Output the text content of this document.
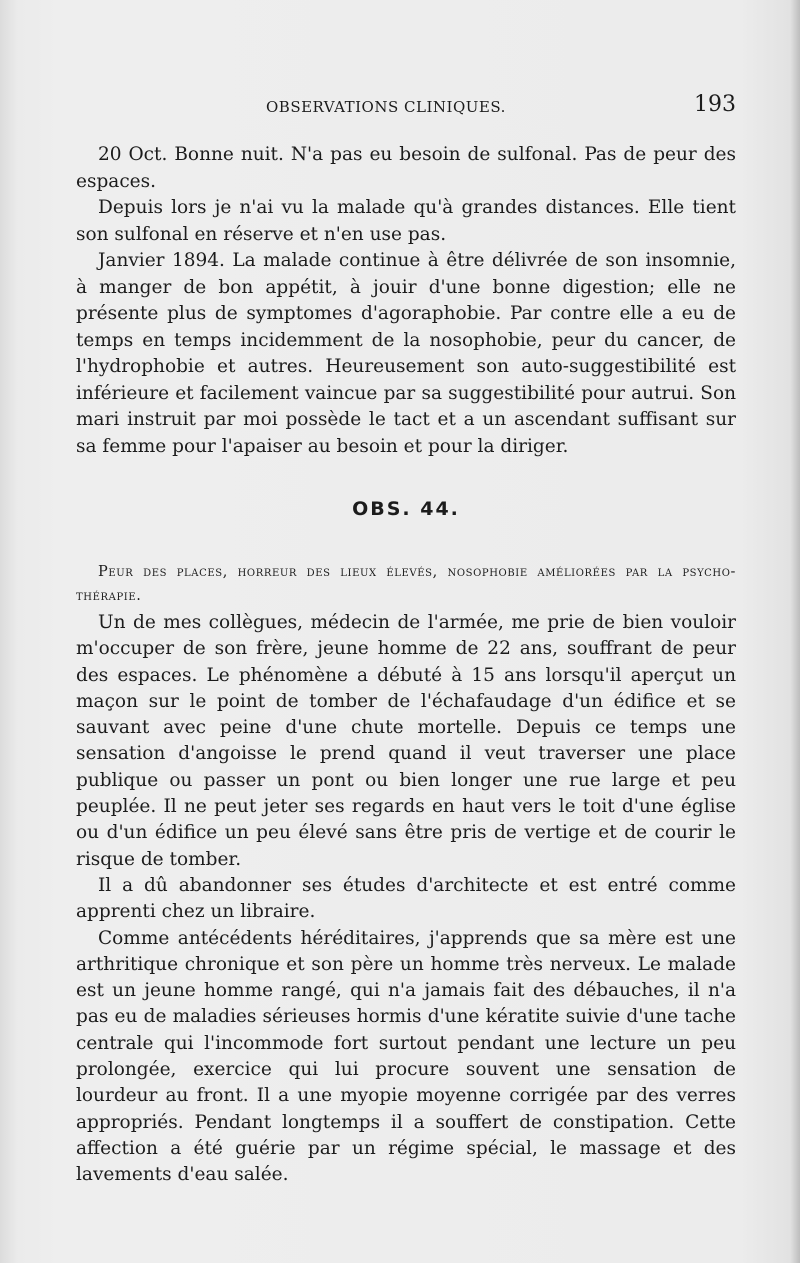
OBSERVATIONS CLINIQUES.	193

20 Oct. Bonne nuit. N'a pas eu besoin de sulfonal. Pas de peur des espaces.

Depuis lors je n'ai vu la malade qu'à grandes distances. Elle tient son sulfonal en réserve et n'en use pas.

Janvier 1894. La malade continue à être délivrée de son insomnie, à manger de bon appétit, à jouir d'une bonne digestion; elle ne présente plus de symptomes d'agoraphobie. Par contre elle a eu de temps en temps incidemment de la nosophobie, peur du cancer, de l'hydrophobie et autres. Heureusement son auto-suggestibilité est inférieure et facilement vaincue par sa suggestibilité pour autrui. Son mari instruit par moi possède le tact et a un ascendant suffisant sur sa femme pour l'apaiser au besoin et pour la diriger.

OBS. 44.
Peur des places, horreur des lieux élevés, nosophobie améliorées par la psycho-thérapie.

Un de mes collègues, médecin de l'armée, me prie de bien vouloir m'occuper de son frère, jeune homme de 22 ans, souffrant de peur des espaces. Le phénomène a débuté à 15 ans lorsqu'il aperçut un maçon sur le point de tomber de l'échafaudage d'un édifice et se sauvant avec peine d'une chute mortelle. Depuis ce temps une sensation d'angoisse le prend quand il veut traverser une place publique ou passer un pont ou bien longer une rue large et peu peuplée. Il ne peut jeter ses regards en haut vers le toit d'une église ou d'un édifice un peu élevé sans être pris de vertige et de courir le risque de tomber.

Il a dû abandonner ses études d'architecte et est entré comme apprenti chez un libraire.

Comme antécédents héréditaires, j'apprends que sa mère est une arthritique chronique et son père un homme très nerveux. Le malade est un jeune homme rangé, qui n'a jamais fait des débauches, il n'a pas eu de maladies sérieuses hormis d'une kératite suivie d'une tache centrale qui l'incommode fort surtout pendant une lecture un peu prolongée, exercice qui lui procure souvent une sensation de lourdeur au front. Il a une myopie moyenne corrigée par des verres appropriés. Pendant longtemps il a souffert de constipation. Cette affection a été guérie par un régime spécial, le massage et des lavements d'eau salée.
